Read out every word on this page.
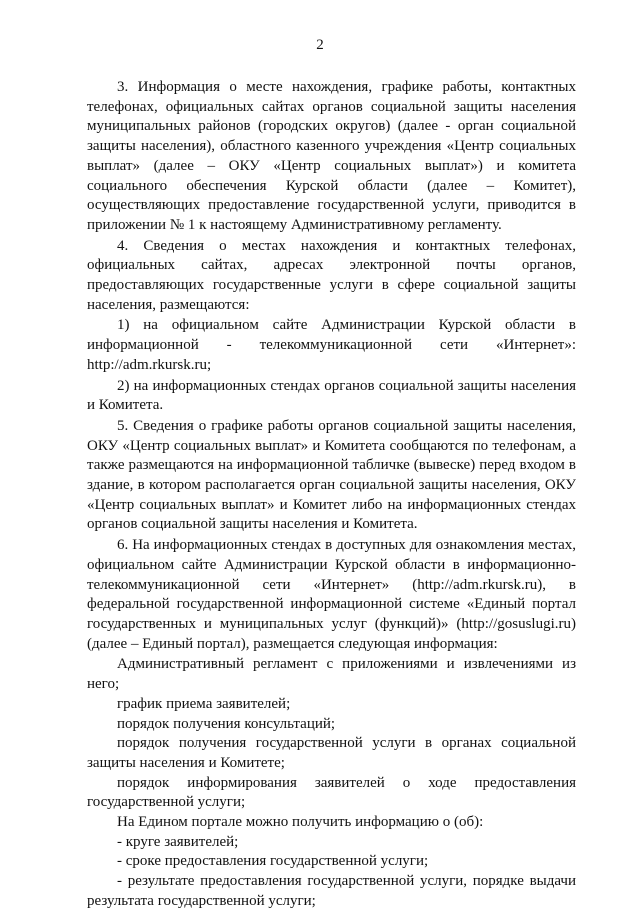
2

3. Информация о месте нахождения, графике работы, контактных телефонах, официальных сайтах органов социальной защиты населения муниципальных районов (городских округов) (далее - орган социальной защиты населения), областного казенного учреждения «Центр социальных выплат» (далее – ОКУ «Центр социальных выплат») и комитета социального обеспечения Курской области (далее – Комитет), осуществляющих предоставление государственной услуги, приводится в приложении № 1 к настоящему Административному регламенту.

4. Сведения о местах нахождения и контактных телефонах, официальных сайтах, адресах электронной почты органов, предоставляющих государственные услуги в сфере социальной защиты населения, размещаются:

1) на официальном сайте Администрации Курской области в информационной - телекоммуникационной сети «Интернет»: http://adm.rkursk.ru;

2) на информационных стендах органов социальной защиты населения и Комитета.

5. Сведения о графике работы органов социальной защиты населения, ОКУ «Центр социальных выплат» и Комитета сообщаются по телефонам, а также размещаются на информационной табличке (вывеске) перед входом в здание, в котором располагается орган социальной защиты населения, ОКУ «Центр социальных выплат» и Комитет либо на информационных стендах органов социальной защиты населения и Комитета.

6. На информационных стендах в доступных для ознакомления местах, официальном сайте Администрации Курской области в информационно-телекоммуникационной сети «Интернет» (http://adm.rkursk.ru), в федеральной государственной информационной системе «Единый портал государственных и муниципальных услуг (функций)» (http://gosuslugi.ru) (далее – Единый портал), размещается следующая информация:

Административный регламент с приложениями и извлечениями из него;

график приема заявителей;

порядок получения консультаций;

порядок получения государственной услуги в органах социальной защиты населения и Комитете;

порядок информирования заявителей о ходе предоставления государственной услуги;

На Едином портале можно получить информацию о (об):

- круге заявителей;

- сроке предоставления государственной услуги;

- результате предоставления государственной услуги, порядке выдачи результата государственной услуги;
